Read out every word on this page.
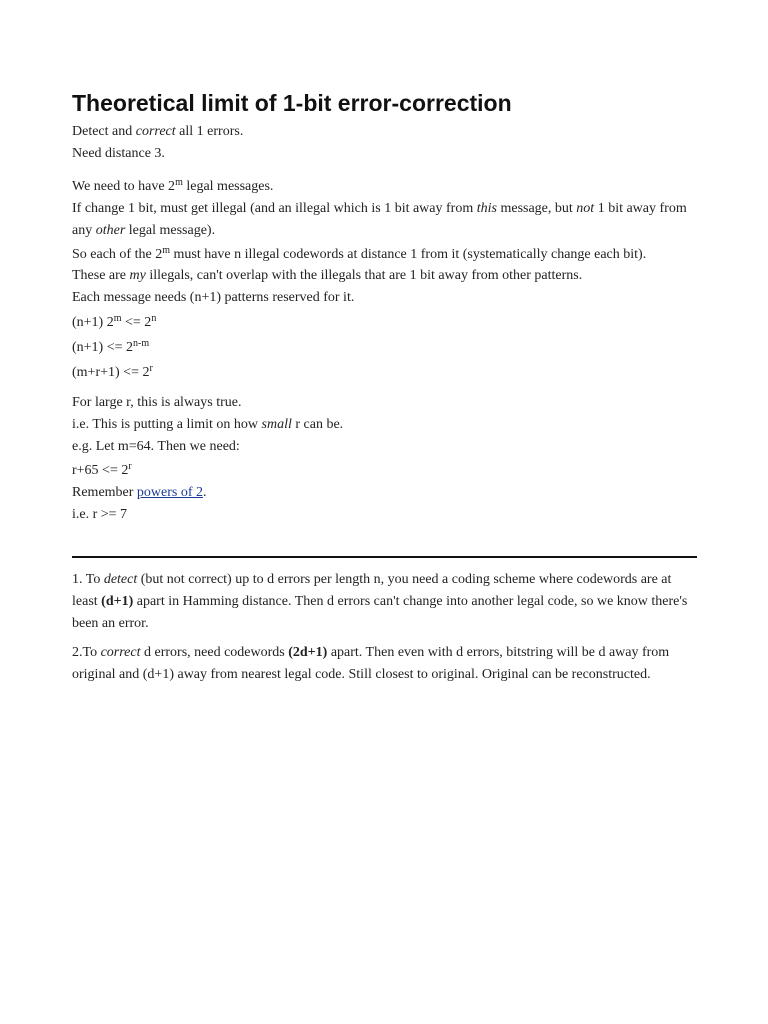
Theoretical limit of 1-bit error-correction
Detect and correct all 1 errors.
Need distance 3.
We need to have 2$^m$ legal messages.
If change 1 bit, must get illegal (and an illegal which is 1 bit away from this message, but not 1 bit away from any other legal message).
So each of the 2$^m$ must have n illegal codewords at distance 1 from it (systematically change each bit).
These are my illegals, can't overlap with the illegals that are 1 bit away from other patterns.
Each message needs (n+1) patterns reserved for it.
(n+1) $2^m <= 2^n$
$(n+1) <= 2^{n-m}$
$(m+r+1) <= 2^r$
For large r, this is always true.
i.e. This is putting a limit on how small r can be.
e.g. Let m=64. Then we need:
$r+65 <= 2^r$
Remember powers of 2.
i.e. r >= 7
1. To detect (but not correct) up to d errors per length n, you need a coding scheme where codewords are at least (d+1) apart in Hamming distance. Then d errors can't change into another legal code, so we know there's been an error.
2.To correct d errors, need codewords (2d+1) apart. Then even with d errors, bitstring will be d away from original and (d+1) away from nearest legal code. Still closest to original. Original can be reconstructed.
